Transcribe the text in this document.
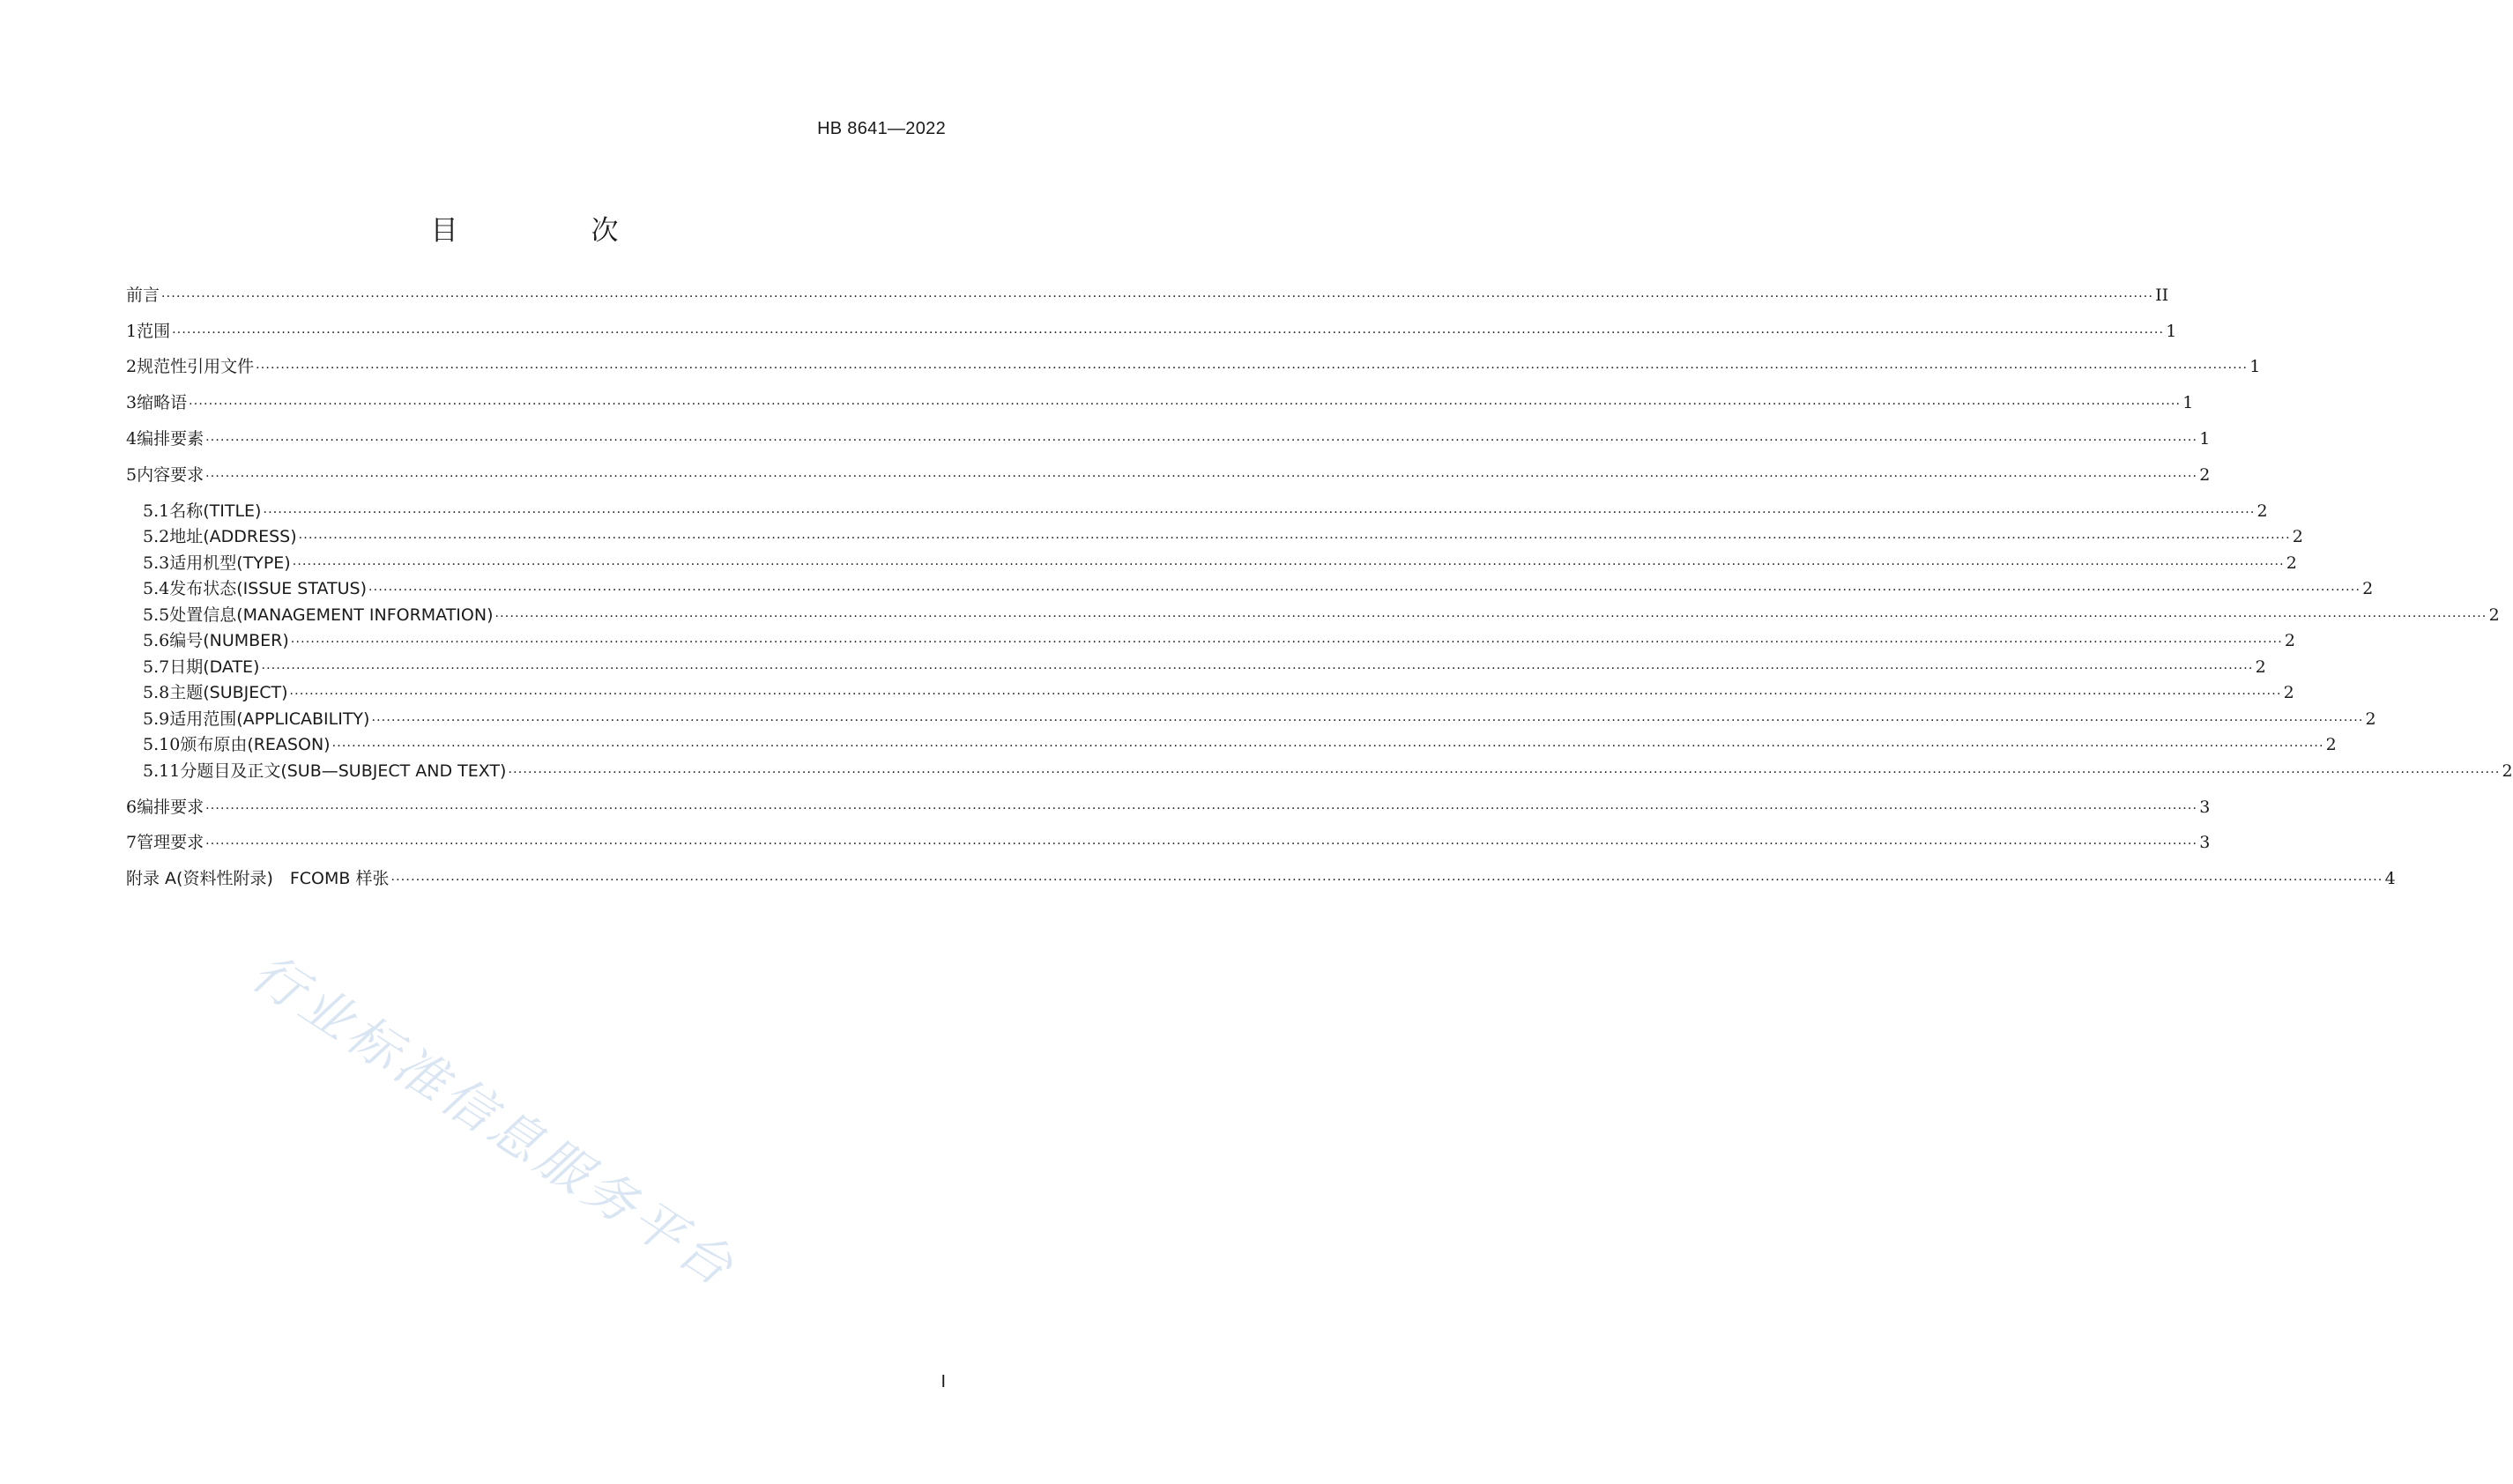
HB 8641—2022
目　次
前言 ················································································································································································································································································································································································································ II
1 范围 ················································································································································································································································································································································································································ 1
2 规范性引用文件 ················································································································································································································································································································································································································ 1
3 缩略语 ················································································································································································································································································································································································································ 1
4 编排要素 ················································································································································································································································································································································································································ 1
5 内容要求 ················································································································································································································································································································································································································ 2
5.1 名称(TITLE) ················································································································································································································································································································································································································ 2
5.2 地址(ADDRESS) ················································································································································································································································································································································································································ 2
5.3 适用机型(TYPE) ················································································································································································································································································································································································································ 2
5.4 发布状态(ISSUE STATUS) ················································································································································································································································································································································································································ 2
5.5 处置信息(MANAGEMENT INFORMATION) ················································································································································································································································································································································································································ 2
5.6 编号(NUMBER) ················································································································································································································································································································································································································ 2
5.7 日期(DATE) ················································································································································································································································································································································································································ 2
5.8 主题(SUBJECT) ················································································································································································································································································································································································································ 2
5.9 适用范围(APPLICABILITY) ················································································································································································································································································································································································································ 2
5.10 颁布原由(REASON) ················································································································································································································································································································································································································ 2
5.11 分题目及正文(SUB—SUBJECT AND TEXT) ················································································································································································································································································································································································································ 2
6 编排要求 ················································································································································································································································································································································································································ 3
7 管理要求 ················································································································································································································································································································································································································ 3
附录 A(资料性附录)　FCOMB 样张 ················································································································································································································································································································································································································ 4
I
行业标准信息服务平台
